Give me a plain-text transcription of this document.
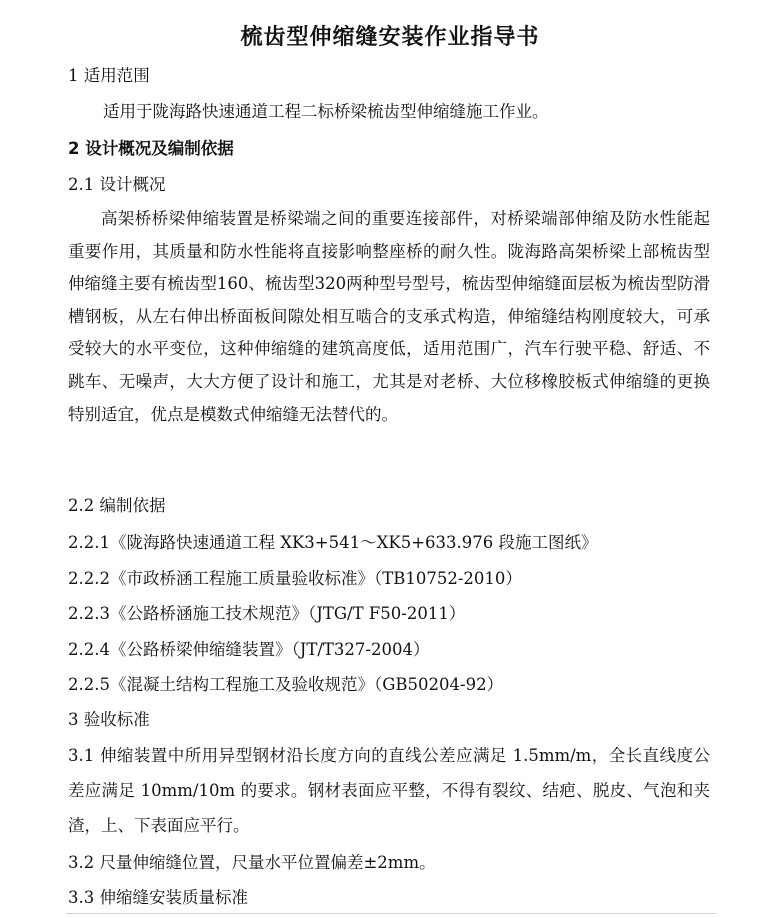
梳齿型伸缩缝安装作业指导书
1 适用范围
适用于陇海路快速通道工程二标桥梁梳齿型伸缩缝施工作业。
2 设计概况及编制依据
2.1 设计概况
高架桥桥梁伸缩装置是桥梁端之间的重要连接部件，对桥梁端部伸缩及防水性能起重要作用，其质量和防水性能将直接影响整座桥的耐久性。陇海路高架桥梁上部梳齿型伸缩缝主要有梳齿型160、梳齿型320两种型号型号，梳齿型伸缩缝面层板为梳齿型防滑槽钢板，从左右伸出桥面板间隙处相互啮合的支承式构造，伸缩缝结构刚度较大，可承受较大的水平变位，这种伸缩缝的建筑高度低，适用范围广，汽车行驶平稳、舒适、不跳车、无噪声，大大方便了设计和施工，尤其是对老桥、大位移橡胶板式伸缩缝的更换特别适宜，优点是模数式伸缩缝无法替代的。
2.2 编制依据
2.2.1《陇海路快速通道工程 XK3+541～XK5+633.976 段施工图纸》
2.2.2《市政桥涵工程施工质量验收标准》（TB10752-2010）
2.2.3《公路桥涵施工技术规范》（JTG/T F50-2011）
2.2.4《公路桥梁伸缩缝装置》（JT/T327-2004）
2.2.5《混凝土结构工程施工及验收规范》（GB50204-92）
3 验收标准
3.1 伸缩装置中所用异型钢材沿长度方向的直线公差应满足 1.5mm/m，全长直线度公差应满足 10mm/10m 的要求。钢材表面应平整，不得有裂纹、结疤、脱皮、气泡和夹渣，上、下表面应平行。
3.2 尺量伸缩缝位置，尺量水平位置偏差±2mm。
3.3 伸缩缝安装质量标准
